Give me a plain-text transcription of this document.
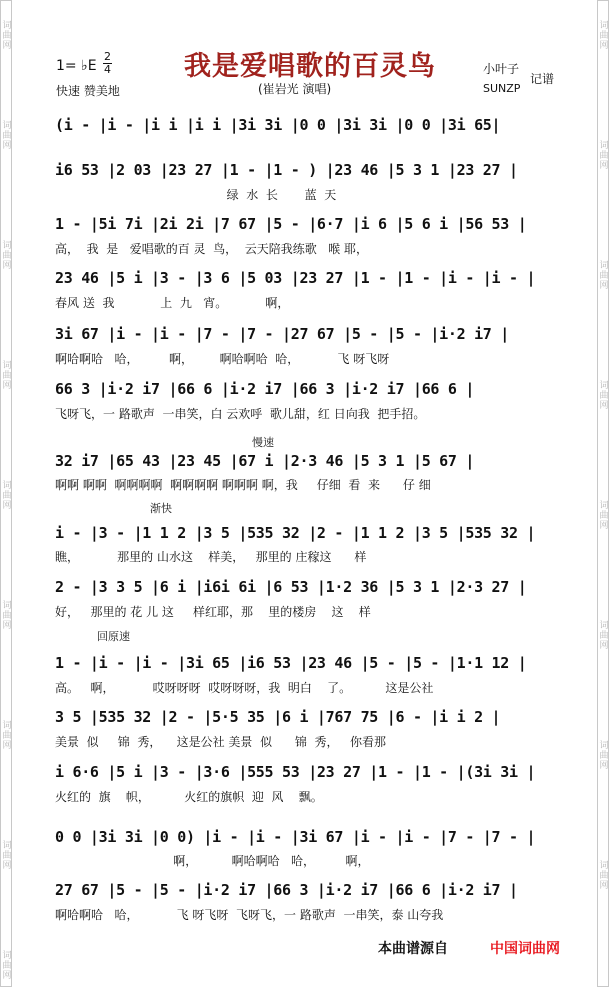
词
曲
网
词
曲
网
词
曲
网
词
曲
网
词
曲
网
词
曲
网
词
曲
网
词
曲
网
词
曲
网
词
曲
网
词
曲
网
词
曲
网
词
曲
网
词
曲
网
词
曲
网
词
曲
网
词
曲
网
我是爱唱歌的百灵鸟
(崔岩光 演唱)
1= ♭E
2
4
快速 赞美地
小叶子
记谱
SUNZP
(i - |i - |i i |i i |3i 3i |0 0 |3i 3i |0 0 |3i 65|
i6 53 |2 03 |23 27 |1 - |1 - ) |23 46 |5 3 1 |23 27 |
绿  水  长       蓝  天
1 - |5i 7i |2i 2i |7 67 |5 - |6·7 |i 6 |5 6 i |56 53 |
高，  我  是   爱唱歌的百 灵  鸟，  云天陪我练歌   喉 耶，
23 46 |5 i |3 - |3 6 |5 03 |23 27 |1 - |1 - |i - |i - |
春风 送  我            上  九   宵。          啊，
3i 67 |i - |i - |7 - |7 - |27 67 |5 - |5 - |i·2 i7 |
啊哈啊哈   哈，        啊，       啊哈啊哈  哈，          飞 呀飞呀
66 3 |i·2 i7 |66 6 |i·2 i7 |66 3 |i·2 i7 |66 6 |
飞呀飞，一 路歌声  一串笑，白 云欢呼  歌儿甜，红 日向我  把手招。
慢速
32 i7 |65 43 |23 45 |67 i |2·3 46 |5 3 1 |5 67 |
啊啊 啊啊  啊啊啊啊  啊啊啊啊 啊啊啊 啊，我     仔细  看  来      仔 细
渐快
i - |3 - |1 1 2 |3 5 |535 32 |2 - |1 1 2 |3 5 |535 32 |
瞧，          那里的 山水这    样美，   那里的 庄稼这      样
2 - |3 3 5 |6 i |i6i 6i |6 53 |1·2 36 |5 3 1 |2·3 27 |
好，   那里的 花 儿 这     样红耶，那    里的楼房    这    样
回原速
1 - |i - |i - |3i 65 |i6 53 |23 46 |5 - |5 - |1·1 12 |
高。   啊，          哎呀呀呀  哎呀呀呀，我  明白    了。         这是公社
3 5 |535 32 |2 - |5·5 35 |6 i |767 75 |6 - |i i 2 |
美景  似     锦  秀，    这是公社 美景  似      锦  秀，   你看那
i 6·6 |5 i |3 - |3·6 |555 53 |23 27 |1 - |1 - |(3i 3i |
火红的  旗    帜，         火红的旗帜  迎  风    飘。
0 0 |3i 3i |0 0) |i - |i - |3i 67 |i - |i - |7 - |7 - |
啊，         啊哈啊哈   哈，        啊，
27 67 |5 - |5 - |i·2 i7 |66 3 |i·2 i7 |66 6 |i·2 i7 |
啊哈啊哈   哈，          飞 呀飞呀  飞呀飞，一 路歌声  一串笑，泰 山夸我
本曲谱源自	中国词曲网
